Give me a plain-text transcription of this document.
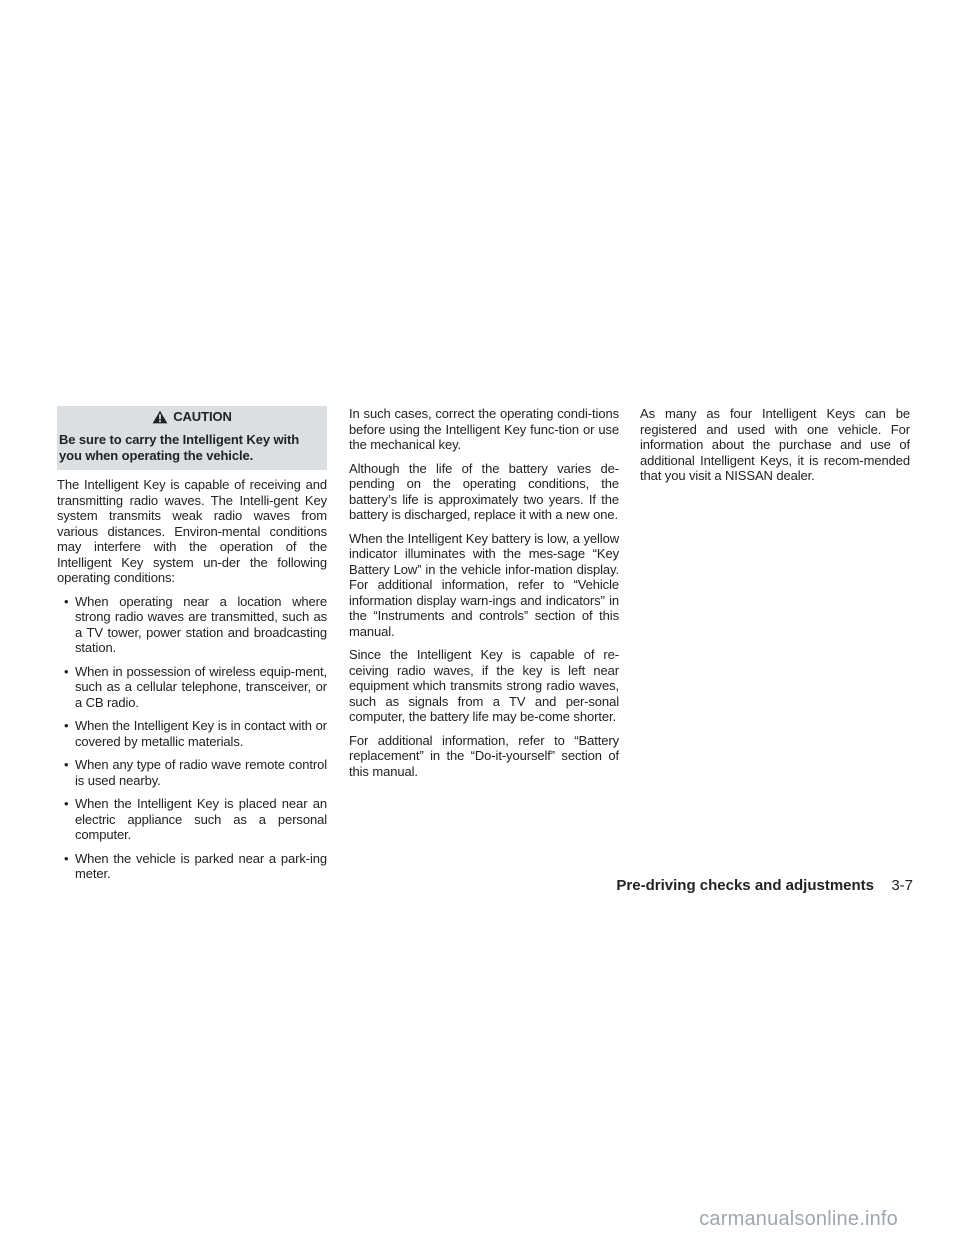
CAUTION
Be sure to carry the Intelligent Key with you when operating the vehicle.

The Intelligent Key is capable of receiving and transmitting radio waves. The Intelli-gent Key system transmits weak radio waves from various distances. Environ-mental conditions may interfere with the operation of the Intelligent Key system un-der the following operating conditions:

• When operating near a location where strong radio waves are transmitted, such as a TV tower, power station and broadcasting station.
• When in possession of wireless equip-ment, such as a cellular telephone, transceiver, or a CB radio.
• When the Intelligent Key is in contact with or covered by metallic materials.
• When any type of radio wave remote control is used nearby.
• When the Intelligent Key is placed near an electric appliance such as a personal computer.
• When the vehicle is parked near a park-ing meter.

In such cases, correct the operating condi-tions before using the Intelligent Key func-tion or use the mechanical key.

Although the life of the battery varies de-pending on the operating conditions, the battery’s life is approximately two years. If the battery is discharged, replace it with a new one.

When the Intelligent Key battery is low, a yellow indicator illuminates with the mes-sage “Key Battery Low” in the vehicle infor-mation display. For additional information, refer to “Vehicle information display warn-ings and indicators” in the “Instruments and controls” section of this manual.

Since the Intelligent Key is capable of re-ceiving radio waves, if the key is left near equipment which transmits strong radio waves, such as signals from a TV and per-sonal computer, the battery life may be-come shorter.

For additional information, refer to “Battery replacement” in the “Do-it-yourself” section of this manual.

As many as four Intelligent Keys can be registered and used with one vehicle. For information about the purchase and use of additional Intelligent Keys, it is recom-mended that you visit a NISSAN dealer.

Pre-driving checks and adjustments 3-7
carmanualsonline.info
